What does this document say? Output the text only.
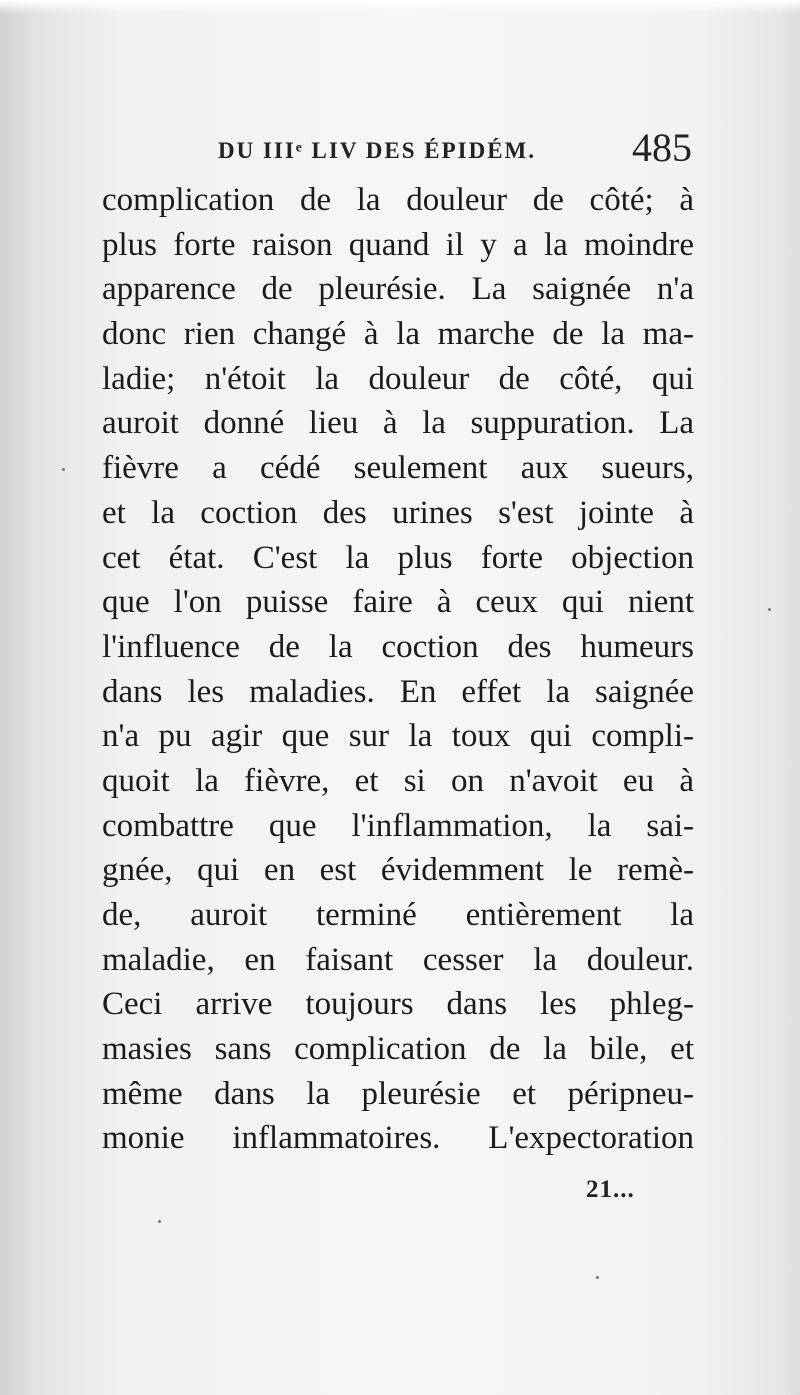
DU IIIᵉ LIV DES ÉPIDÉM. 485
complication de la douleur de côté; à
plus forte raison quand il y a la moindre
apparence de pleurésie. La saignée n'a
donc rien changé à la marche de la ma-
ladie; n'étoit la douleur de côté, qui
auroit donné lieu à la suppuration. La
fièvre a cédé seulement aux sueurs,
et la coction des urines s'est jointe à
cet état. C'est la plus forte objection
que l'on puisse faire à ceux qui nient
l'influence de la coction des humeurs
dans les maladies. En effet la saignée
n'a pu agir que sur la toux qui compli-
quoit la fièvre, et si on n'avoit eu à
combattre que l'inflammation, la sai-
gnée, qui en est évidemment le remè-
de, auroit terminé entièrement la
maladie, en faisant cesser la douleur.
Ceci arrive toujours dans les phleg-
masies sans complication de la bile, et
même dans la pleurésie et péripneu-
monie inflammatoires. L'expectoration
21...
